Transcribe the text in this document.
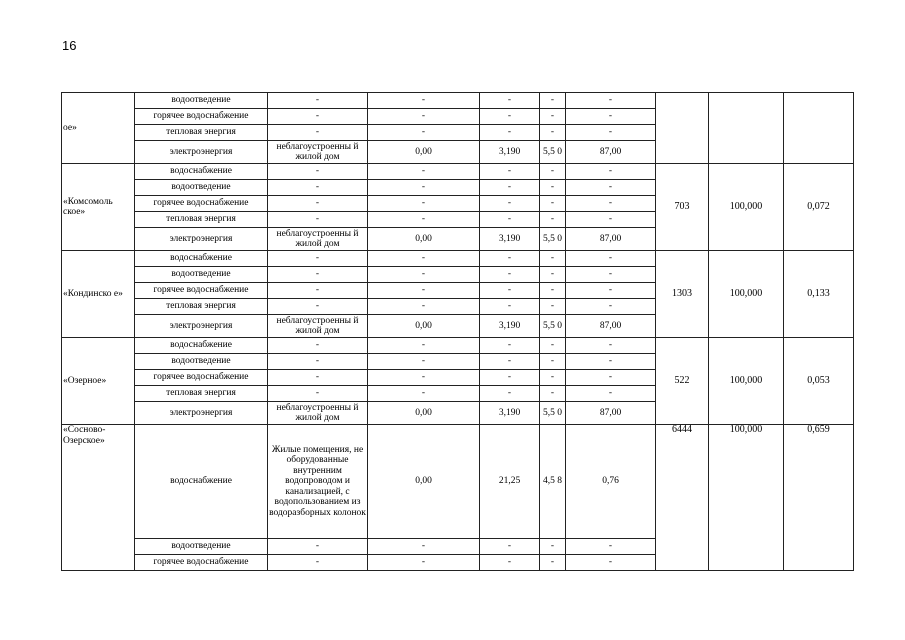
16
ое»	водоотведение	-	-	-	-	-			
	горячее водоснабжение	-	-	-	-	-			
	тепловая энергия	-	-	-	-	-			
	электроэнергия	неблагоустроенны й жилой дом	0,00	3,190	5,5 0	87,00			
«Комсомоль ское»	водоснабжение	-	-	-	-	-	703	100,000	0,072
	водоотведение	-	-	-	-	-			
	горячее водоснабжение	-	-	-	-	-			
	тепловая энергия	-	-	-	-	-			
	электроэнергия	неблагоустроенны й жилой дом	0,00	3,190	5,5 0	87,00			
«Кондинско е»	водоснабжение	-	-	-	-	-	1303	100,000	0,133
	водоотведение	-	-	-	-	-			
	горячее водоснабжение	-	-	-	-	-			
	тепловая энергия	-	-	-	-	-			
	электроэнергия	неблагоустроенны й жилой дом	0,00	3,190	5,5 0	87,00			
«Озерное»	водоснабжение	-	-	-	-	-	522	100,000	0,053
	водоотведение	-	-	-	-	-			
	горячее водоснабжение	-	-	-	-	-			
	тепловая энергия	-	-	-	-	-			
	электроэнергия	неблагоустроенны й жилой дом	0,00	3,190	5,5 0	87,00			
«Сосново-Озерское»	водоснабжение	Жилые помещения, не оборудованные внутренним водопроводом и канализацией, с водопользованием из водоразборных колонок	0,00	21,25	4,5 8	0,76	6444	100,000	0,659
	водоотведение	-	-	-	-	-			
	горячее водоснабжение	-	-	-	-	-			
